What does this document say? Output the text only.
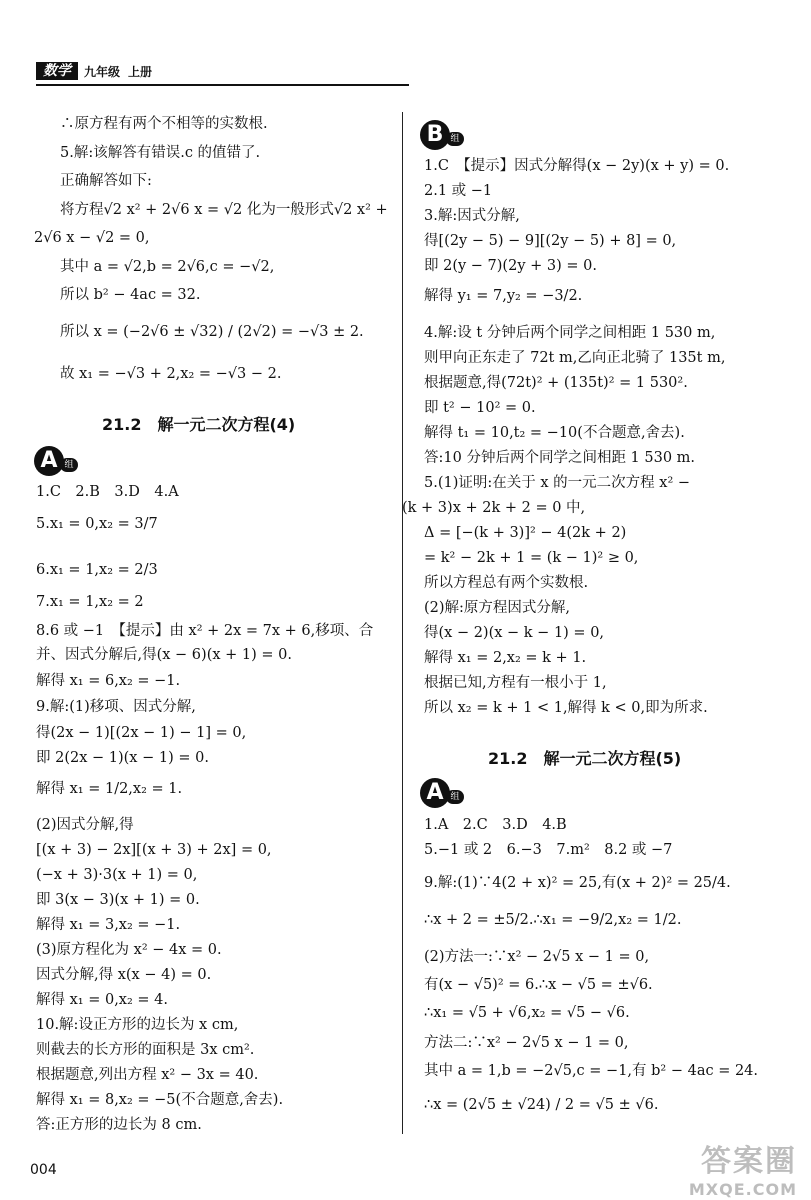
数学	九年级 上册
∴原方程有两个不相等的实数根.
5.解:该解答有错误.c 的值错了.
正确解答如下:
将方程√2 x² + 2√6 x = √2 化为一般形式√2 x² +
2√6 x − √2 = 0,
其中 a = √2,b = 2√6,c = −√2,
所以 b² − 4ac = 32.
所以 x = (−2√6 ± √32) / (2√2) = −√3 ± 2.
故 x₁ = −√3 + 2,x₂ = −√3 − 2.
21.2　解一元二次方程(4)
A 组
1.C　2.B　3.D　4.A
5.x₁ = 0,x₂ = 3/7
6.x₁ = 1,x₂ = 2/3
7.x₁ = 1,x₂ = 2
8.6 或 −1　【提示】由 x² + 2x = 7x + 6,移项、合
并、因式分解后,得(x − 6)(x + 1) = 0.
解得 x₁ = 6,x₂ = −1.
9.解:(1)移项、因式分解,
得(2x − 1)[(2x − 1) − 1] = 0,
即 2(2x − 1)(x − 1) = 0.
解得 x₁ = 1/2,x₂ = 1.
(2)因式分解,得
[(x + 3) − 2x][(x + 3) + 2x] = 0,
(−x + 3)·3(x + 1) = 0,
即 3(x − 3)(x + 1) = 0.
解得 x₁ = 3,x₂ = −1.
(3)原方程化为 x² − 4x = 0.
因式分解,得 x(x − 4) = 0.
解得 x₁ = 0,x₂ = 4.
10.解:设正方形的边长为 x cm,
则截去的长方形的面积是 3x cm².
根据题意,列出方程 x² − 3x = 40.
解得 x₁ = 8,x₂ = −5(不合题意,舍去).
答:正方形的边长为 8 cm.
B 组
1.C　【提示】因式分解得(x − 2y)(x + y) = 0.
2.1 或 −1
3.解:因式分解,
得[(2y − 5) − 9][(2y − 5) + 8] = 0,
即 2(y − 7)(2y + 3) = 0.
解得 y₁ = 7,y₂ = −3/2.
4.解:设 t 分钟后两个同学之间相距 1 530 m,
则甲向正东走了 72t m,乙向正北骑了 135t m,
根据题意,得(72t)² + (135t)² = 1 530².
即 t² − 10² = 0.
解得 t₁ = 10,t₂ = −10(不合题意,舍去).
答:10 分钟后两个同学之间相距 1 530 m.
5.(1)证明:在关于 x 的一元二次方程 x² −
(k + 3)x + 2k + 2 = 0 中,
Δ = [−(k + 3)]² − 4(2k + 2)
= k² − 2k + 1 = (k − 1)² ≥ 0,
所以方程总有两个实数根.
(2)解:原方程因式分解,
得(x − 2)(x − k − 1) = 0,
解得 x₁ = 2,x₂ = k + 1.
根据已知,方程有一根小于 1,
所以 x₂ = k + 1 < 1,解得 k < 0,即为所求.
21.2　解一元二次方程(5)
A 组
1.A　2.C　3.D　4.B
5.−1 或 2　6.−3　7.m²　8.2 或 −7
9.解:(1)∵4(2 + x)² = 25,有(x + 2)² = 25/4.
∴x + 2 = ±5/2.∴x₁ = −9/2,x₂ = 1/2.
(2)方法一:∵x² − 2√5 x − 1 = 0,
有(x − √5)² = 6.∴x − √5 = ±√6.
∴x₁ = √5 + √6,x₂ = √5 − √6.
方法二:∵x² − 2√5 x − 1 = 0,
其中 a = 1,b = −2√5,c = −1,有 b² − 4ac = 24.
∴x = (2√5 ± √24) / 2 = √5 ± √6.
004	答案圈
MXQE.COM
